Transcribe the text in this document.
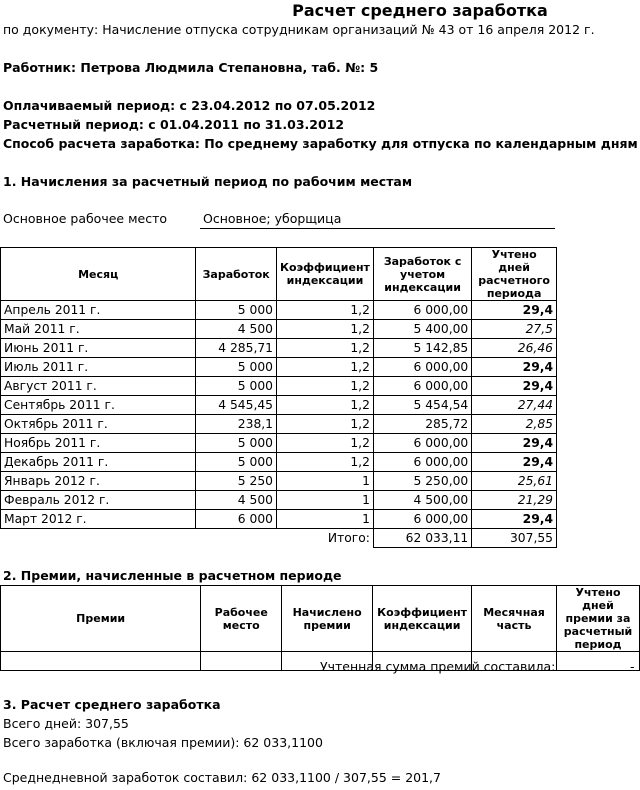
Расчет среднего заработка
по документу: Начисление отпуска сотрудникам организаций № 43 от 16 апреля 2012 г.
Работник: Петрова Людмила Степановна, таб. №: 5
Оплачиваемый период: с 23.04.2012 по 07.05.2012
Расчетный период: с 01.04.2011 по 31.03.2012
Способ расчета заработка: По среднему заработку для отпуска по календарным дням
1. Начисления за расчетный период по рабочим местам
Основное рабочее место	Основное; уборщица
Месяц	Заработок	Коэффициент индексации	Заработок с учетом индексации	Учтено дней расчетного периода
Апрель 2011 г.	5 000	1,2	6 000,00	29,4
Май 2011 г.	4 500	1,2	5 400,00	27,5
Июнь 2011 г.	4 285,71	1,2	5 142,85	26,46
Июль 2011 г.	5 000	1,2	6 000,00	29,4
Август 2011 г.	5 000	1,2	6 000,00	29,4
Сентябрь 2011 г.	4 545,45	1,2	5 454,54	27,44
Октябрь 2011 г.	238,1	1,2	285,72	2,85
Ноябрь 2011 г.	5 000	1,2	6 000,00	29,4
Декабрь 2011 г.	5 000	1,2	6 000,00	29,4
Январь 2012 г.	5 250	1	5 250,00	25,61
Февраль 2012 г.	4 500	1	4 500,00	21,29
Март 2012 г.	6 000	1	6 000,00	29,4
		Итого:	62 033,11	307,55
2. Премии, начисленные в расчетном периоде
Премии	Рабочее место	Начислено премии	Коэффициент индексации	Месячная часть	Учтено дней премии за расчетный период

Учтенная сумма премий составила:	-
3. Расчет среднего заработка
Всего дней: 307,55
Всего заработка (включая премии): 62 033,1100
Среднедневной заработок составил: 62 033,1100 / 307,55 = 201,7
